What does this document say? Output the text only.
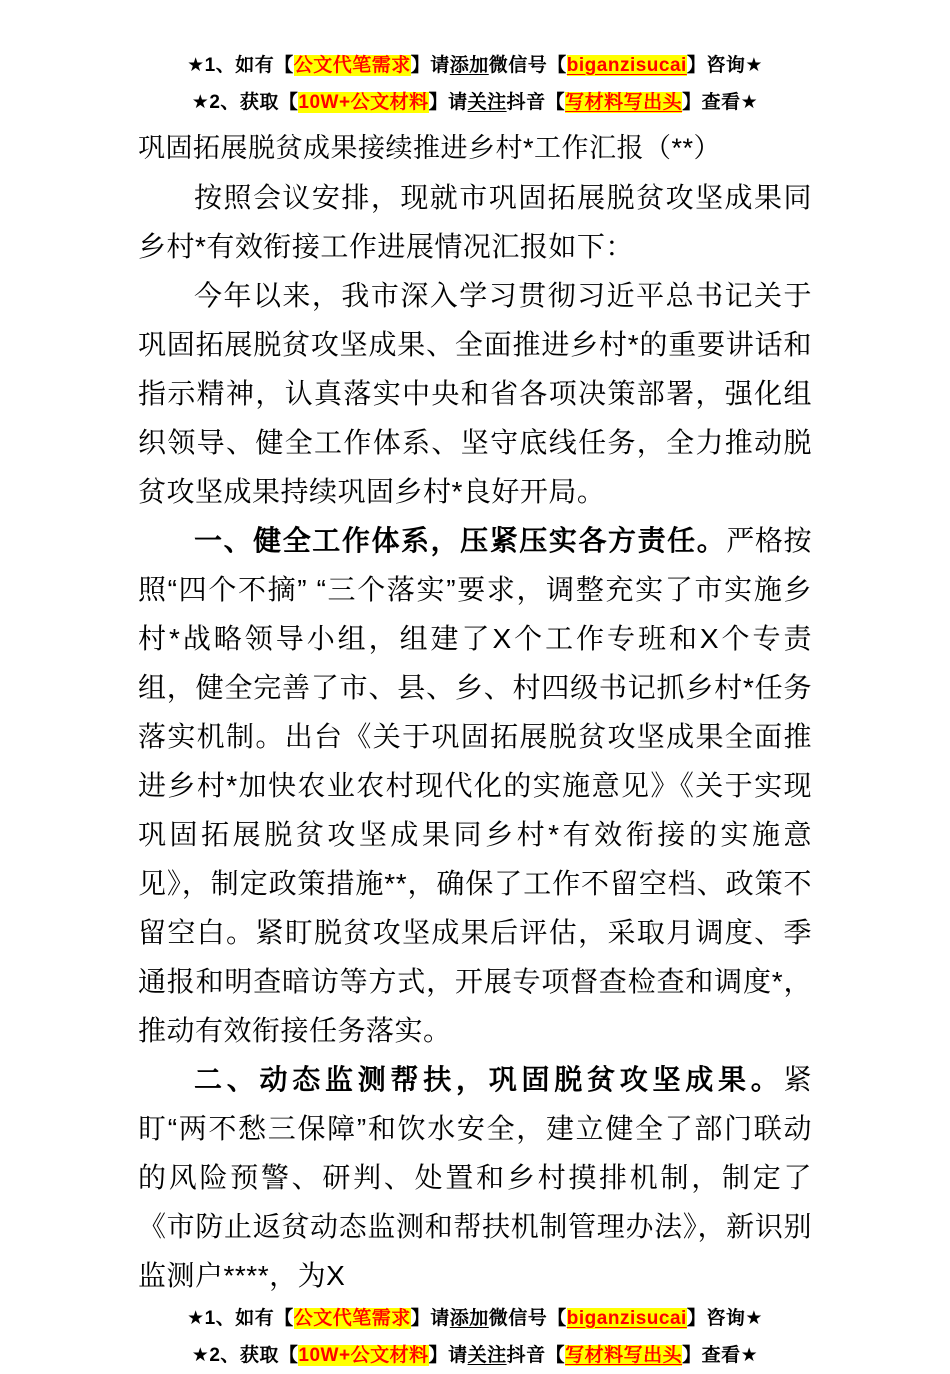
★1、如有【公文代笔需求】请添加微信号【biganzisucai】咨询★
★2、获取【10W+公文材料】请关注抖音【写材料写出头】查看★
巩固拓展脱贫成果接续推进乡村*工作汇报（**）

按照会议安排，现就市巩固拓展脱贫攻坚成果同乡村*有效衔接工作进展情况汇报如下：

今年以来，我市深入学习贯彻习近平总书记关于巩固拓展脱贫攻坚成果、全面推进乡村*的重要讲话和指示精神，认真落实中央和省各项决策部署，强化组织领导、健全工作体系、坚守底线任务，全力推动脱贫攻坚成果持续巩固乡村*良好开局。

一、健全工作体系，压紧压实各方责任。严格按照“四个不摘” “三个落实”要求，调整充实了市实施乡村*战略领导小组，组建了X个工作专班和X个专责组，健全完善了市、县、乡、村四级书记抓乡村*任务落实机制。出台《关于巩固拓展脱贫攻坚成果全面推进乡村*加快农业农村现代化的实施意见》《关于实现巩固拓展脱贫攻坚成果同乡村*有效衔接的实施意见》，制定政策措施**，确保了工作不留空档、政策不留空白。紧盯脱贫攻坚成果后评估，采取月调度、季通报和明查暗访等方式，开展专项督查检查和调度*，推动有效衔接任务落实。

二、动态监测帮扶，巩固脱贫攻坚成果。紧盯“两不愁三保障”和饮水安全，建立健全了部门联动的风险预警、研判、处置和乡村摸排机制，制定了《市防止返贫动态监测和帮扶机制管理办法》，新识别监测户****，为X

★1、如有【公文代笔需求】请添加微信号【biganzisucai】咨询★
★2、获取【10W+公文材料】请关注抖音【写材料写出头】查看★
